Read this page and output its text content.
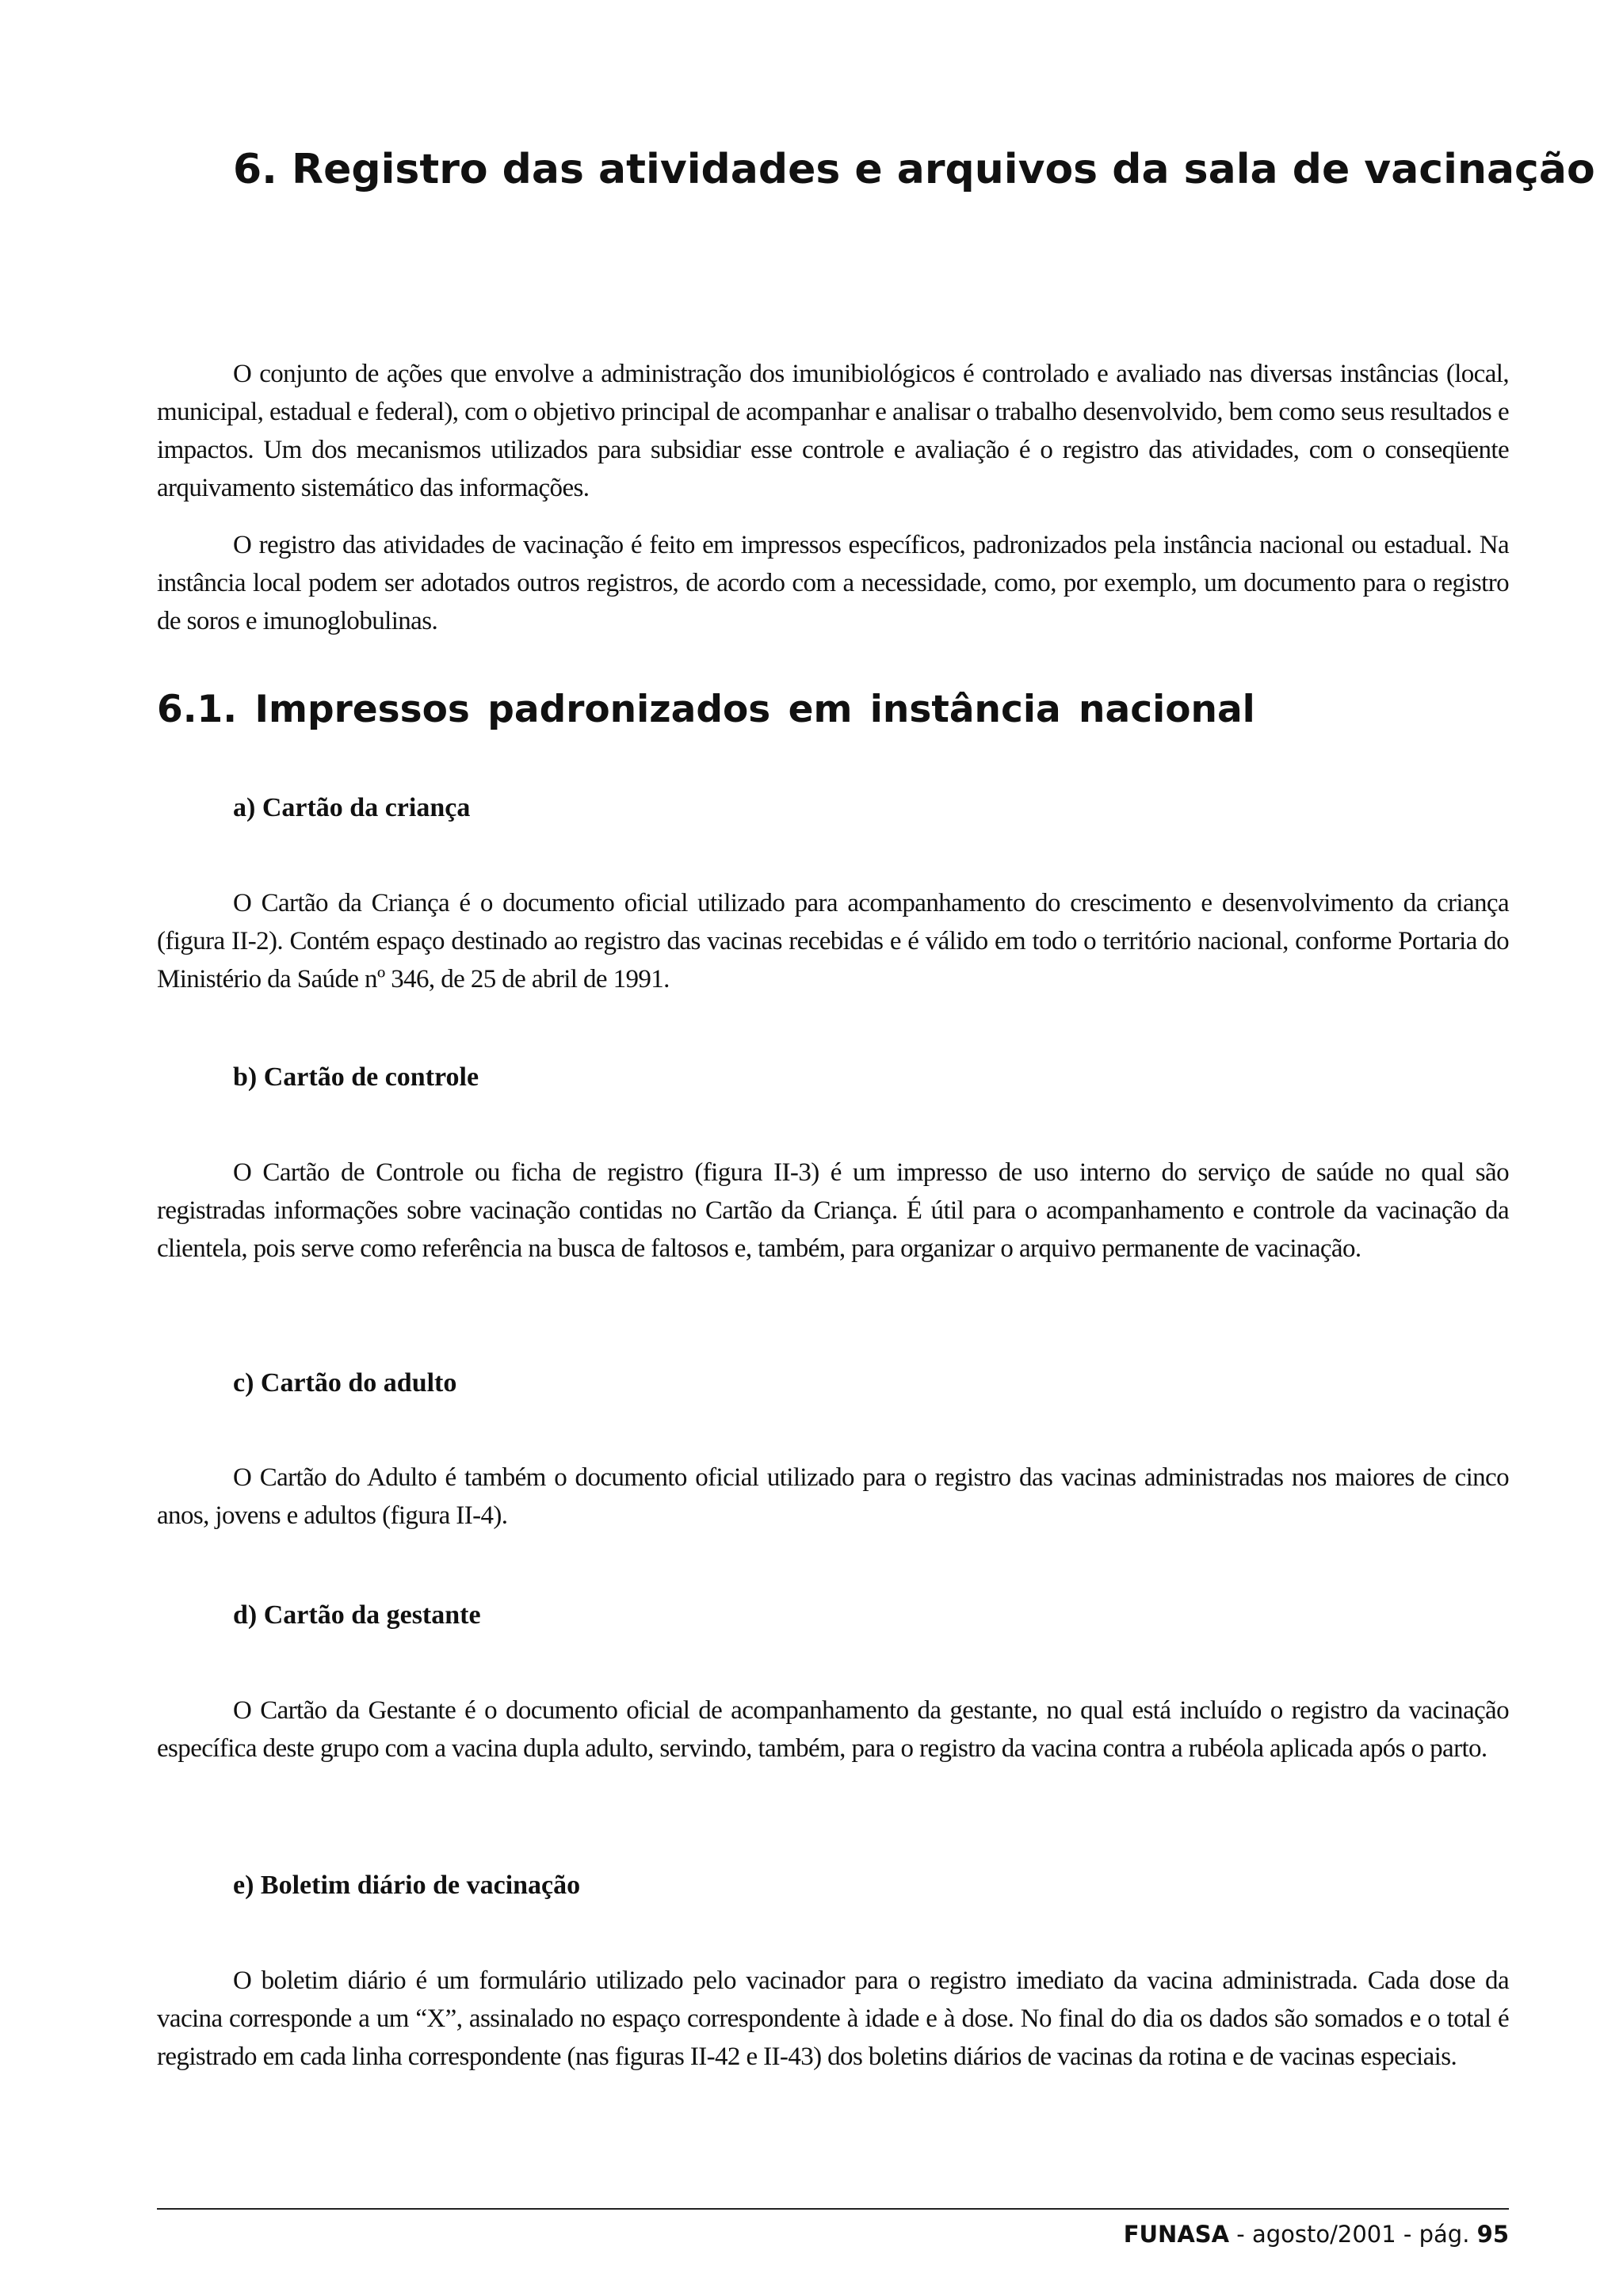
6. Registro das atividades e arquivos da sala de vacinação

O conjunto de ações que envolve a administração dos imunibiológicos é controlado e avaliado nas diversas instâncias (local, municipal, estadual e federal), com o objetivo principal de acompanhar e analisar o trabalho desenvolvido, bem como seus resultados e impactos. Um dos mecanismos utilizados para subsidiar esse controle e avaliação é o registro das atividades, com o conseqüente arquivamento sistemático das informações.

O registro das atividades de vacinação é feito em impressos específicos, padronizados pela instância nacional ou estadual. Na instância local podem ser adotados outros registros, de acordo com a necessidade, como, por exemplo, um documento para o registro de soros e imunoglobulinas.

6.1. Impressos padronizados em instância nacional
a) Cartão da criança

O Cartão da Criança é o documento oficial utilizado para acompanhamento do crescimento e desenvolvimento da criança (figura II-2). Contém espaço destinado ao registro das vacinas recebidas e é válido em todo o território nacional, conforme Portaria do Ministério da Saúde nº 346, de 25 de abril de 1991.

b) Cartão de controle

O Cartão de Controle ou ficha de registro (figura II-3) é um impresso de uso interno do serviço de saúde no qual são registradas informações sobre vacinação contidas no Cartão da Criança. É útil para o acompanhamento e controle da vacinação da clientela, pois serve como referência na busca de faltosos e, também, para organizar o arquivo permanente de vacinação.

c) Cartão do adulto

O Cartão do Adulto é também o documento oficial utilizado para o registro das vacinas administradas nos maiores de cinco anos, jovens e adultos (figura II-4).

d) Cartão da gestante

O Cartão da Gestante é o documento oficial de acompanhamento da gestante, no qual está incluído o registro da vacinação específica deste grupo com a vacina dupla adulto, servindo, também, para o registro da vacina contra a rubéola aplicada após o parto.

e) Boletim diário de vacinação

O boletim diário é um formulário utilizado pelo vacinador para o registro imediato da vacina administrada. Cada dose da vacina corresponde a um “X”, assinalado no espaço correspondente à idade e à dose. No final do dia os dados são somados e o total é registrado em cada linha correspondente (nas figuras II-42 e II-43) dos boletins diários de vacinas da rotina e de vacinas especiais.

FUNASA - agosto/2001 - pág. 95
